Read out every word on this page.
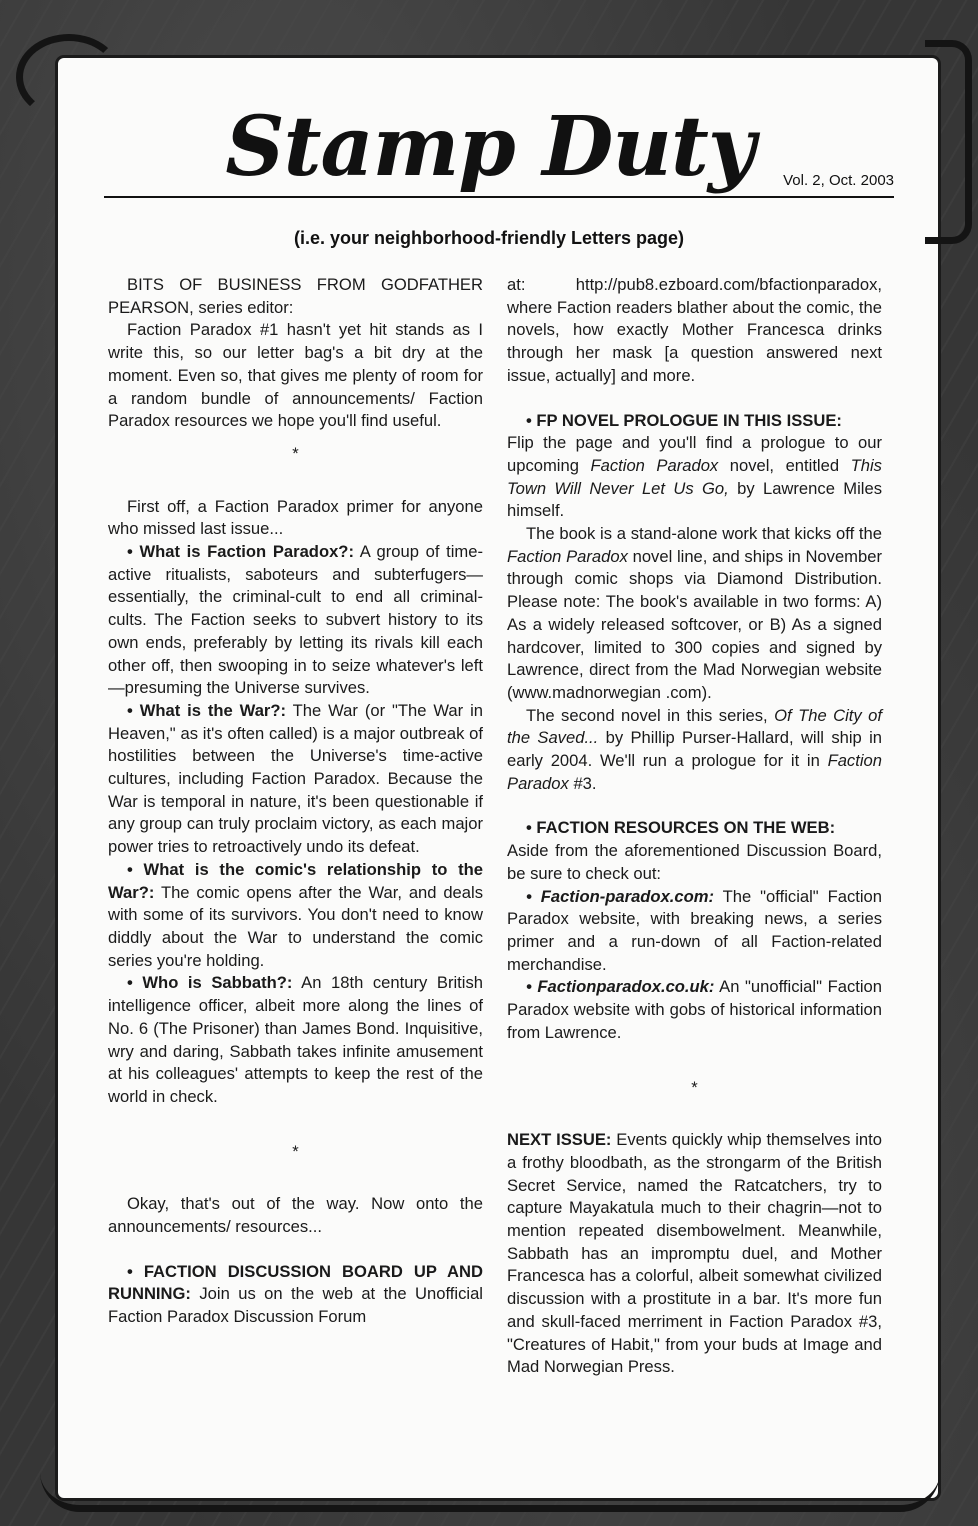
Stamp Duty	Vol. 2, Oct. 2003
(i.e. your neighborhood-friendly Letters page)

BITS OF BUSINESS FROM GODFATHER PEARSON, series editor:

Faction Paradox #1 hasn't yet hit stands as I write this, so our letter bag's a bit dry at the moment. Even so, that gives me plenty of room for a random bundle of announcements/ Faction Paradox resources we hope you'll find useful.

*

First off, a Faction Paradox primer for anyone who missed last issue...

• What is Faction Paradox?: A group of time-active ritualists, saboteurs and subterfugers—essentially, the criminal-cult to end all criminal-cults. The Faction seeks to subvert history to its own ends, preferably by letting its rivals kill each other off, then swooping in to seize whatever's left—presuming the Universe survives.

• What is the War?: The War (or "The War in Heaven," as it's often called) is a major outbreak of hostilities between the Universe's time-active cultures, including Faction Paradox. Because the War is temporal in nature, it's been questionable if any group can truly proclaim victory, as each major power tries to retroactively undo its defeat.

• What is the comic's relationship to the War?: The comic opens after the War, and deals with some of its survivors. You don't need to know diddly about the War to understand the comic series you're holding.

• Who is Sabbath?: An 18th century British intelligence officer, albeit more along the lines of No. 6 (The Prisoner) than James Bond. Inquisitive, wry and daring, Sabbath takes infinite amusement at his colleagues' attempts to keep the rest of the world in check.

*

Okay, that's out of the way. Now onto the announcements/ resources...

• FACTION DISCUSSION BOARD UP AND RUNNING: Join us on the web at the Unofficial Faction Paradox Discussion Forum

at: http://pub8.ezboard.com/bfactionparadox, where Faction readers blather about the comic, the novels, how exactly Mother Francesca drinks through her mask [a question answered next issue, actually] and more.

• FP NOVEL PROLOGUE IN THIS ISSUE:

Flip the page and you'll find a prologue to our upcoming Faction Paradox novel, entitled This Town Will Never Let Us Go, by Lawrence Miles himself.

The book is a stand-alone work that kicks off the Faction Paradox novel line, and ships in November through comic shops via Diamond Distribution. Please note: The book's available in two forms: A) As a widely released softcover, or B) As a signed hardcover, limited to 300 copies and signed by Lawrence, direct from the Mad Norwegian website (www.madnorwegian .com).

The second novel in this series, Of The City of the Saved... by Phillip Purser-Hallard, will ship in early 2004. We'll run a prologue for it in Faction Paradox #3.

• FACTION RESOURCES ON THE WEB:

Aside from the aforementioned Discussion Board, be sure to check out:

• Faction-paradox.com: The "official" Faction Paradox website, with breaking news, a series primer and a run-down of all Faction-related merchandise.

• Factionparadox.co.uk: An "unofficial" Faction Paradox website with gobs of historical information from Lawrence.

*

NEXT ISSUE: Events quickly whip themselves into a frothy bloodbath, as the strongarm of the British Secret Service, named the Ratcatchers, try to capture Mayakatula much to their chagrin—not to mention repeated disembowelment. Meanwhile, Sabbath has an impromptu duel, and Mother Francesca has a colorful, albeit somewhat civilized discussion with a prostitute in a bar. It's more fun and skull-faced merriment in Faction Paradox #3, "Creatures of Habit," from your buds at Image and Mad Norwegian Press.
